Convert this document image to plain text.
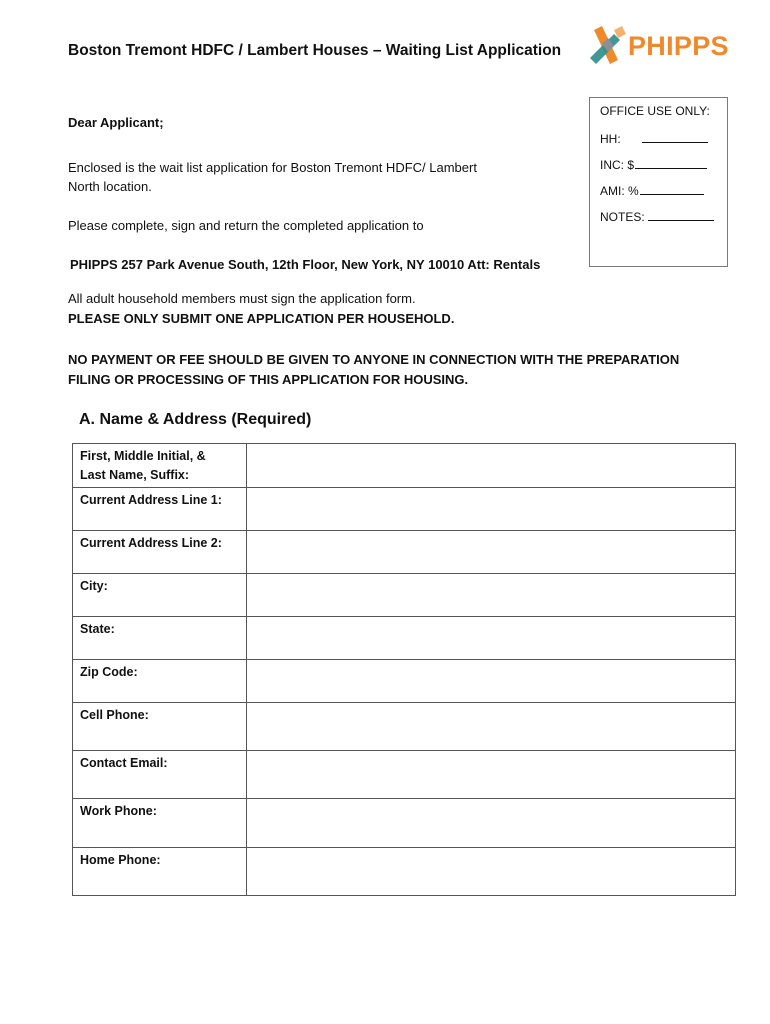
Boston Tremont HDFC / Lambert Houses – Waiting List Application PHIPPS
OFFICE USE ONLY:
HH:
INC: $
AMI: %
NOTES:
Dear Applicant;
Enclosed is the wait list application for Boston Tremont HDFC/ Lambert
North location.
Please complete, sign and return the completed application to
PHIPPS 257 Park Avenue South, 12th Floor, New York, NY 10010 Att: Rentals
All adult household members must sign the application form.
PLEASE ONLY SUBMIT ONE APPLICATION PER HOUSEHOLD.
NO PAYMENT OR FEE SHOULD BE GIVEN TO ANYONE IN CONNECTION WITH THE PREPARATION
FILING OR PROCESSING OF THIS APPLICATION FOR HOUSING.
A. Name & Address (Required)
First, Middle Initial, &
Last Name, Suffix:	

Current Address Line 1:	

Current Address Line 2:	

City:	

State:	

Zip Code:	

Cell Phone:	

Contact Email:	

Work Phone:	

Home Phone:	
